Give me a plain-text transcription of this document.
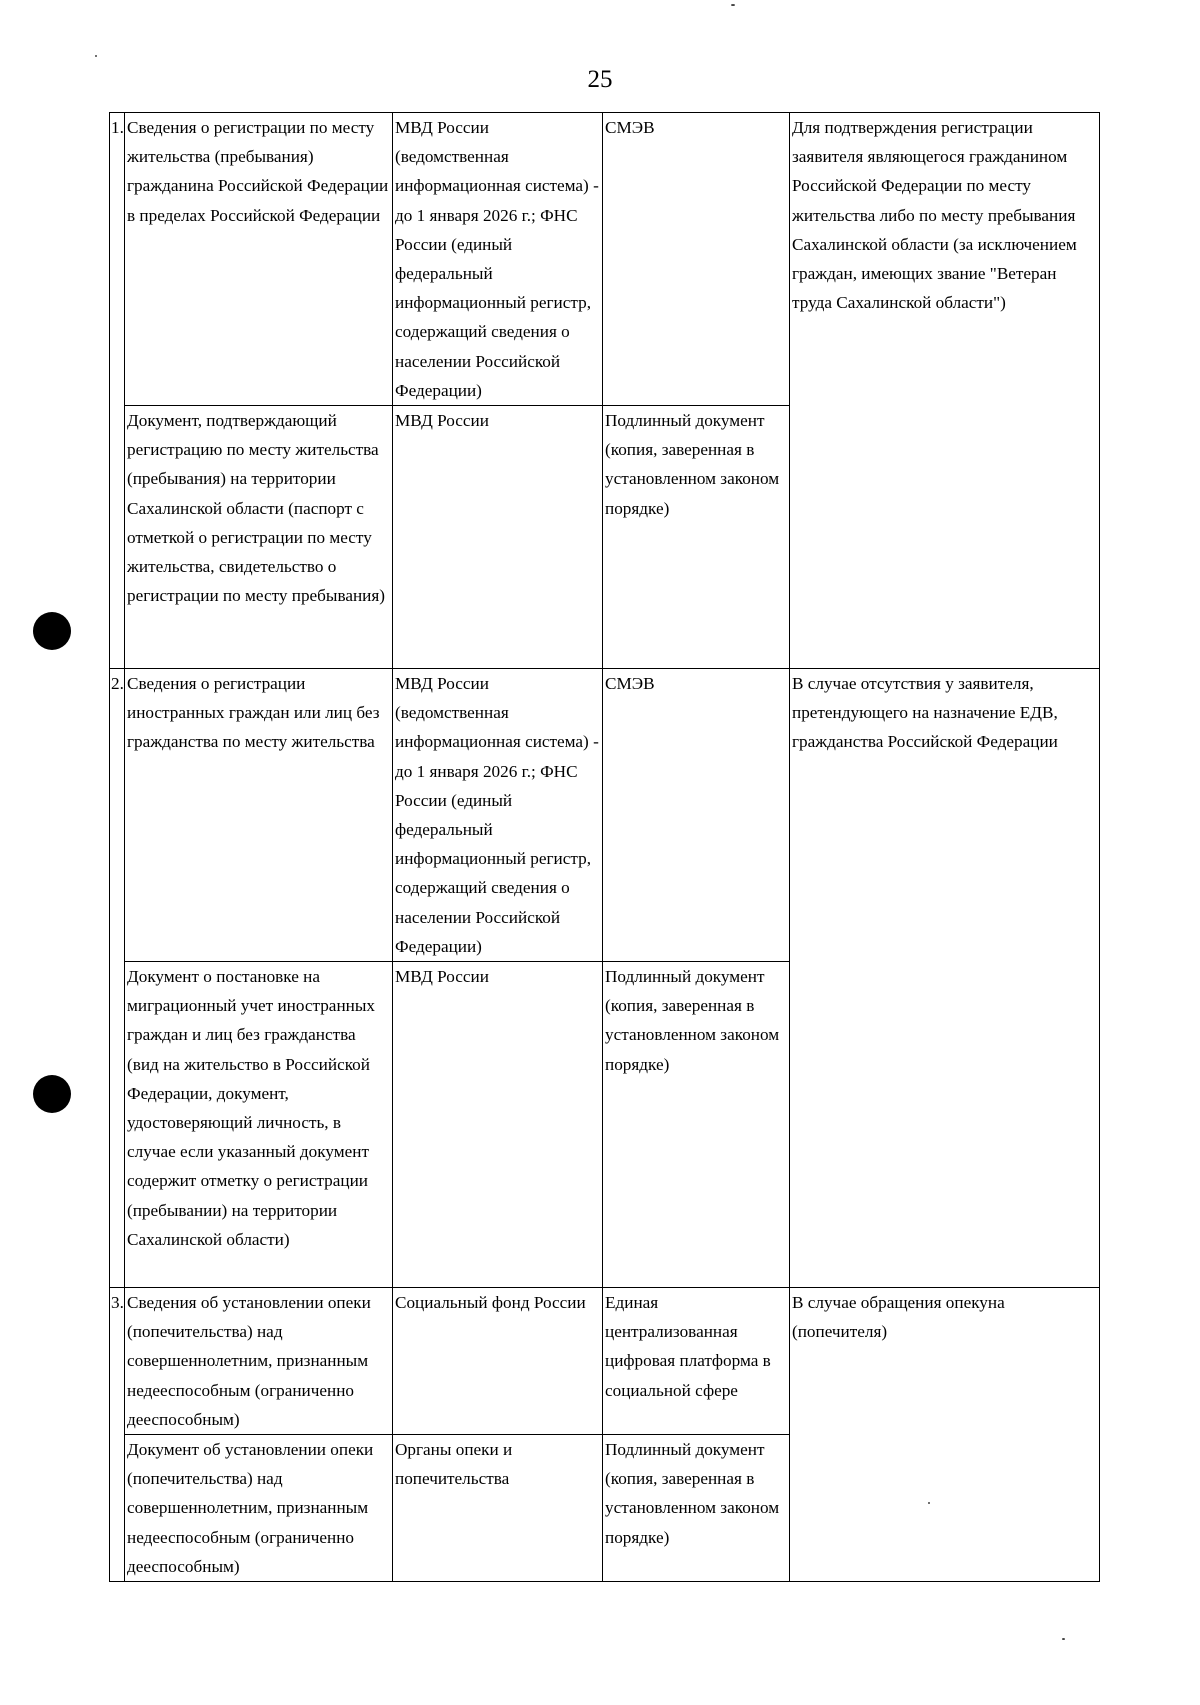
25
1.	Сведения о регистрации по месту жительства (пребывания) гражданина Российской Федерации в пределах Российской Федерации	МВД России (ведомственная информационная система) - до 1 января 2026 г.; ФНС России (единый федеральный информационный регистр, содержащий сведения о населении Российской Федерации)	СМЭВ	Для подтверждения регистрации заявителя являющегося гражданином Российской Федерации по месту жительства либо по месту пребывания Сахалинской области (за исключением граждан, имеющих звание "Ветеран труда Сахалинской области")
	Документ, подтверждающий регистрацию по месту жительства (пребывания) на территории Сахалинской области (паспорт с отметкой о регистрации по месту жительства, свидетельство о регистрации по месту пребывания)	МВД России	Подлинный документ (копия, заверенная в установленном законом порядке)	
2.	Сведения о регистрации иностранных граждан или лиц без гражданства по месту жительства	МВД России (ведомственная информационная система) - до 1 января 2026 г.; ФНС России (единый федеральный информационный регистр, содержащий сведения о населении Российской Федерации)	СМЭВ	В случае отсутствия у заявителя, претендующего на назначение ЕДВ, гражданства Российской Федерации
	Документ о постановке на миграционный учет иностранных граждан и лиц без гражданства (вид на жительство в Российской Федерации, документ, удостоверяющий личность, в случае если указанный документ содержит отметку о регистрации (пребывании) на территории Сахалинской области)	МВД России	Подлинный документ (копия, заверенная в установленном законом порядке)	
3.	Сведения об установлении опеки (попечительства) над совершеннолетним, признанным недееспособным (ограниченно дееспособным)	Социальный фонд России	Единая централизованная цифровая платформа в социальной сфере	В случае обращения опекуна (попечителя)
	Документ об установлении опеки (попечительства) над совершеннолетним, признанным недееспособным (ограниченно дееспособным)	Органы опеки и попечительства	Подлинный документ (копия, заверенная в установленном законом порядке)	
